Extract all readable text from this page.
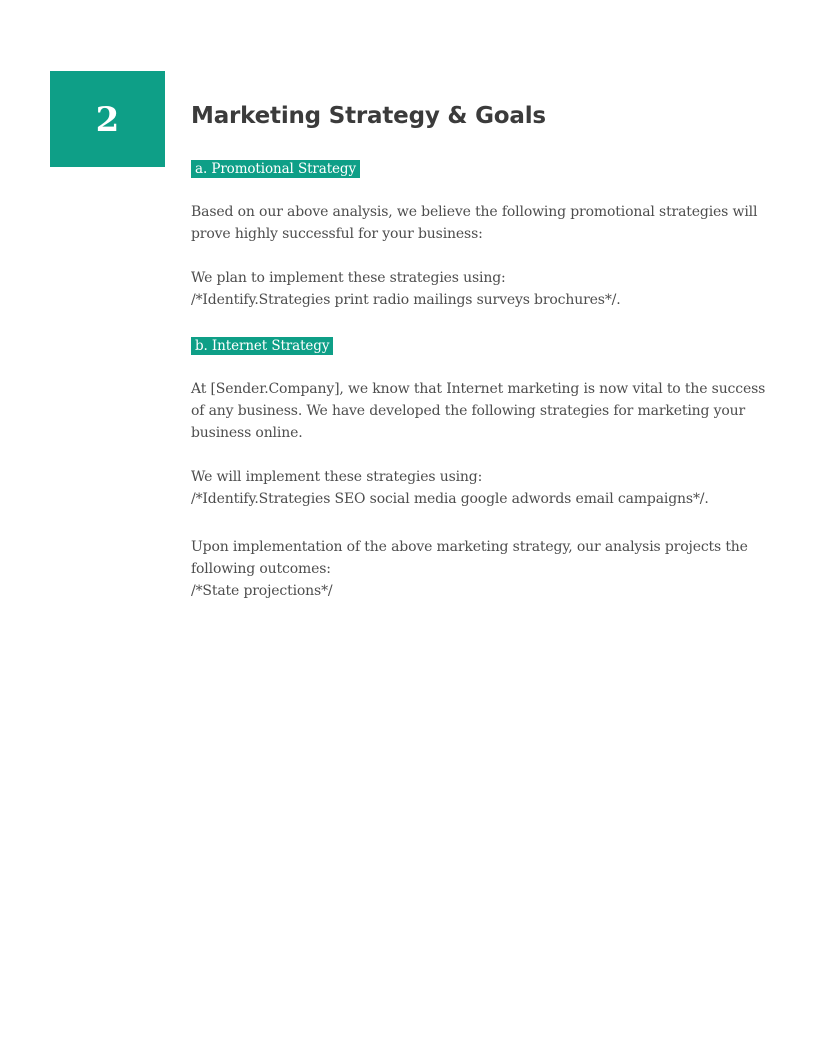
2	Marketing Strategy & Goals
a. Promotional Strategy

Based on our above analysis, we believe the following promotional strategies will
prove highly successful for your business:

We plan to implement these strategies using:
/*Identify.Strategies print radio mailings surveys brochures*/.

b. Internet Strategy

At [Sender.Company], we know that Internet marketing is now vital to the success
of any business. We have developed the following strategies for marketing your
business online.

We will implement these strategies using:
/*Identify.Strategies SEO social media google adwords email campaigns*/.

Upon implementation of the above marketing strategy, our analysis projects the
following outcomes:
/*State projections*/
